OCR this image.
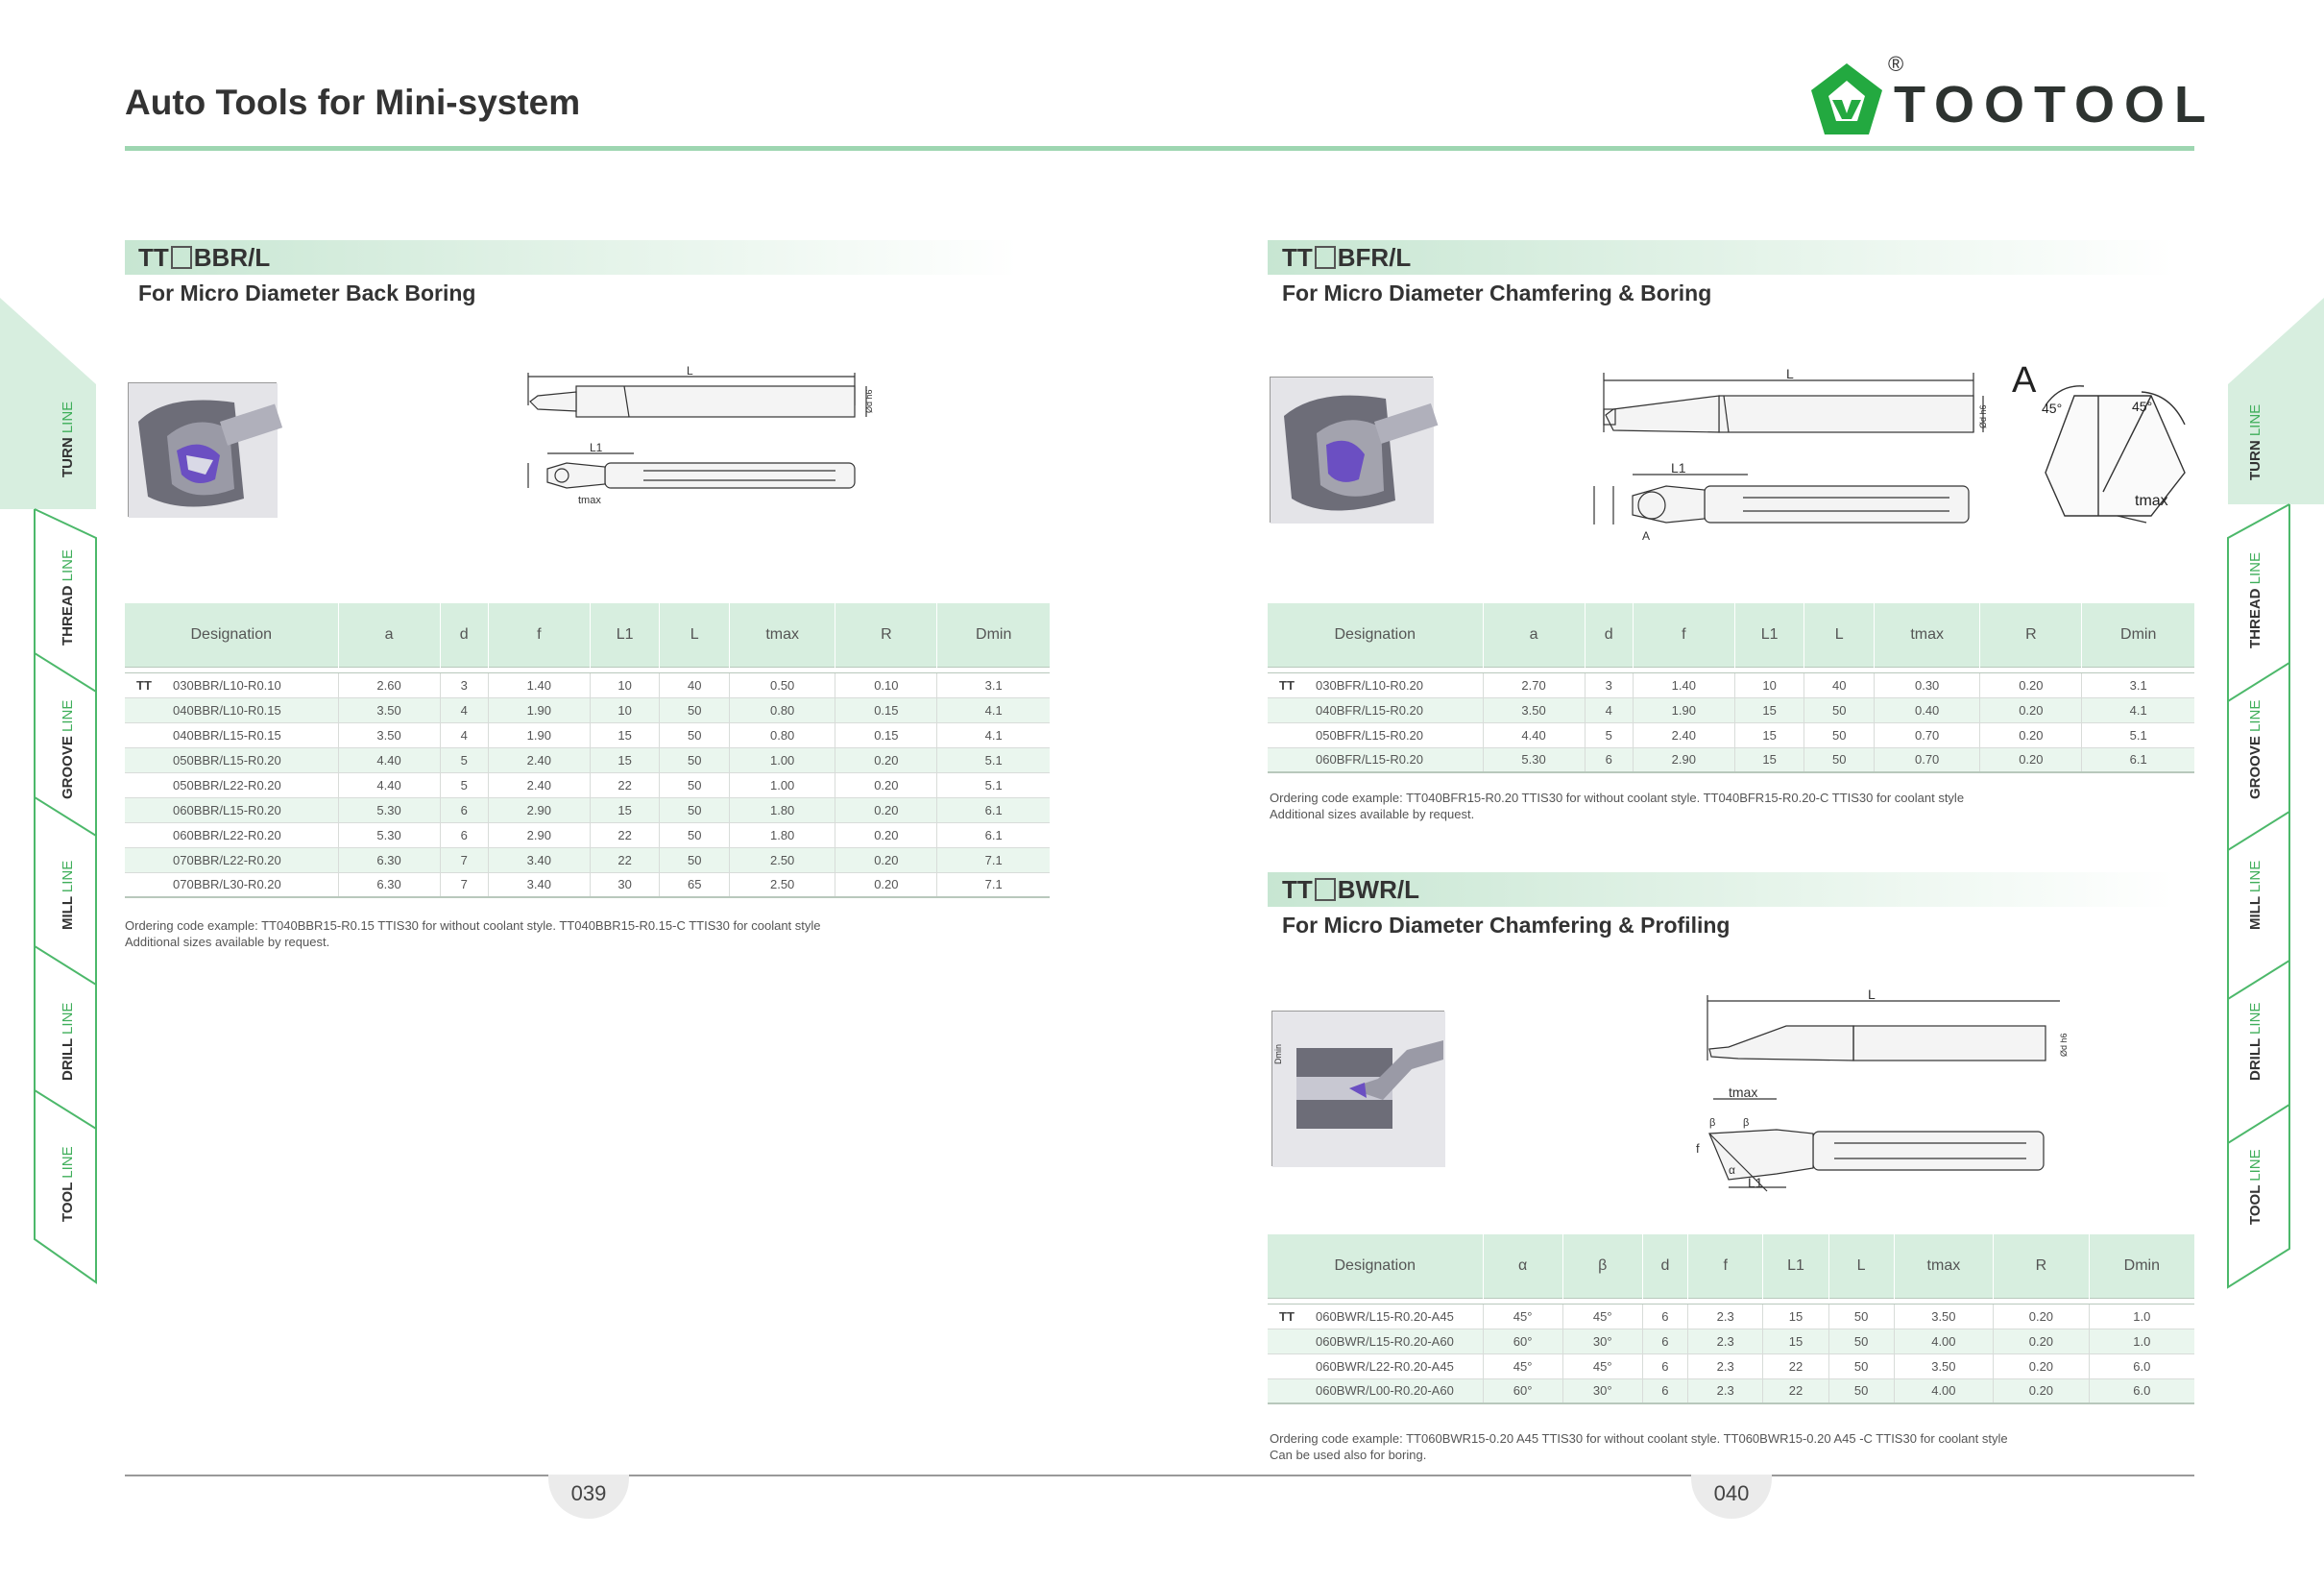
Auto Tools for Mini-system
®
TOOTOOL
TURN LINE
THREAD LINE
GROOVE LINE
MILL LINE
DRILL LINE
TOOL LINE
TURN LINE
THREAD LINE
GROOVE LINE
MILL LINE
DRILL LINE
TOOL LINE
TT BBR/L
For Micro Diameter Back Boring
L
L1
tmax
Ød h6
Designation	a	d	f	L1	L	tmax	R	Dmin

TT 030BBR/L10-R0.10	2.60	3	1.40	10	40	0.50	0.10	3.1
040BBR/L10-R0.15	3.50	4	1.90	10	50	0.80	0.15	4.1
040BBR/L15-R0.15	3.50	4	1.90	15	50	0.80	0.15	4.1
050BBR/L15-R0.20	4.40	5	2.40	15	50	1.00	0.20	5.1
050BBR/L22-R0.20	4.40	5	2.40	22	50	1.00	0.20	5.1
060BBR/L15-R0.20	5.30	6	2.90	15	50	1.80	0.20	6.1
060BBR/L22-R0.20	5.30	6	2.90	22	50	1.80	0.20	6.1
070BBR/L22-R0.20	6.30	7	3.40	22	50	2.50	0.20	7.1
070BBR/L30-R0.20	6.30	7	3.40	30	65	2.50	0.20	7.1
Ordering code example: TT040BBR15-R0.15 TTIS30 for without coolant style. TT040BBR15-R0.15-C TTIS30 for coolant style
Additional sizes available by request.
TT BFR/L
For Micro Diameter Chamfering & Boring
L
L1
A
Ød h6
A
45°	45°
tmax
Designation	a	d	f	L1	L	tmax	R	Dmin

TT 030BFR/L10-R0.20	2.70	3	1.40	10	40	0.30	0.20	3.1
040BFR/L15-R0.20	3.50	4	1.90	15	50	0.40	0.20	4.1
050BFR/L15-R0.20	4.40	5	2.40	15	50	0.70	0.20	5.1
060BFR/L15-R0.20	5.30	6	2.90	15	50	0.70	0.20	6.1
Ordering code example: TT040BFR15-R0.20 TTIS30 for without coolant style. TT040BFR15-R0.20-C TTIS30 for coolant style
Additional sizes available by request.
TT BWR/L
For Micro Diameter Chamfering & Profiling
Dmin
L
tmax
L1
f
β	β
α
Ød h6
Designation	α	β	d	f	L1	L	tmax	R	Dmin

TT 060BWR/L15-R0.20-A45	45°	45°	6	2.3	15	50	3.50	0.20	1.0
060BWR/L15-R0.20-A60	60°	30°	6	2.3	15	50	4.00	0.20	1.0
060BWR/L22-R0.20-A45	45°	45°	6	2.3	22	50	3.50	0.20	6.0
060BWR/L00-R0.20-A60	60°	30°	6	2.3	22	50	4.00	0.20	6.0
Ordering code example: TT060BWR15-0.20 A45 TTIS30 for without coolant style. TT060BWR15-0.20 A45 -C TTIS30 for coolant style
Can be used also for boring.
039	040
